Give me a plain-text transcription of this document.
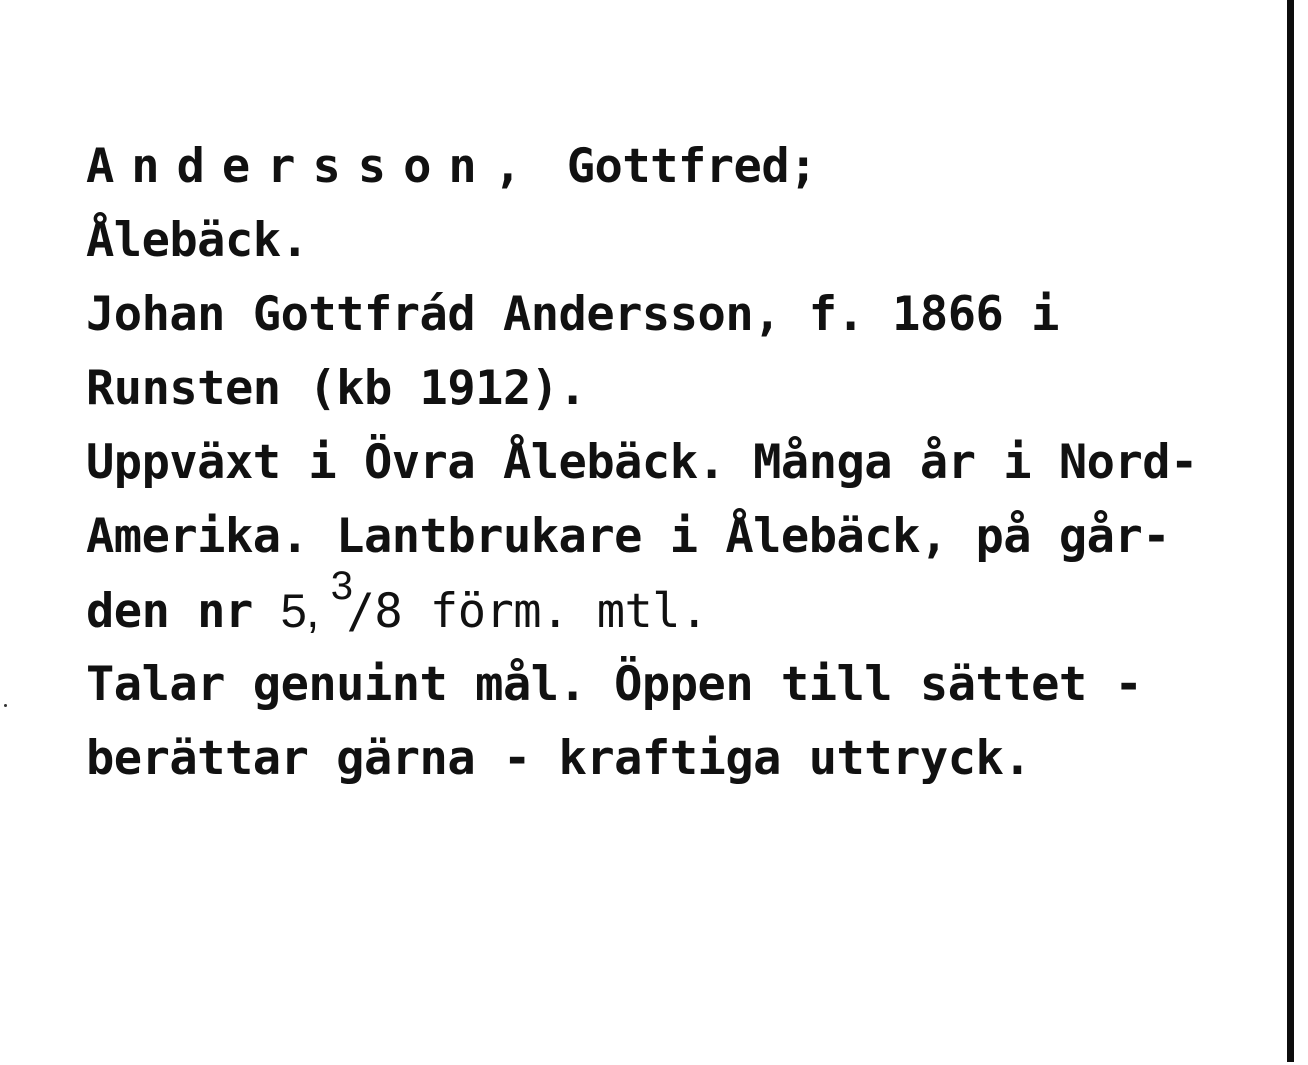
Andersson, Gottfred;
Ålebäck.
Johan Gottfrád Andersson, f. 1866 i
Runsten (kb 1912).
Uppväxt i Övra Ålebäck. Många år i Nord-
Amerika. Lantbrukare i Ålebäck, på går-
den nr 5, 3/8 förm. mtl.
Talar genuint mål. Öppen till sättet -
berättar gärna - kraftiga uttryck.
